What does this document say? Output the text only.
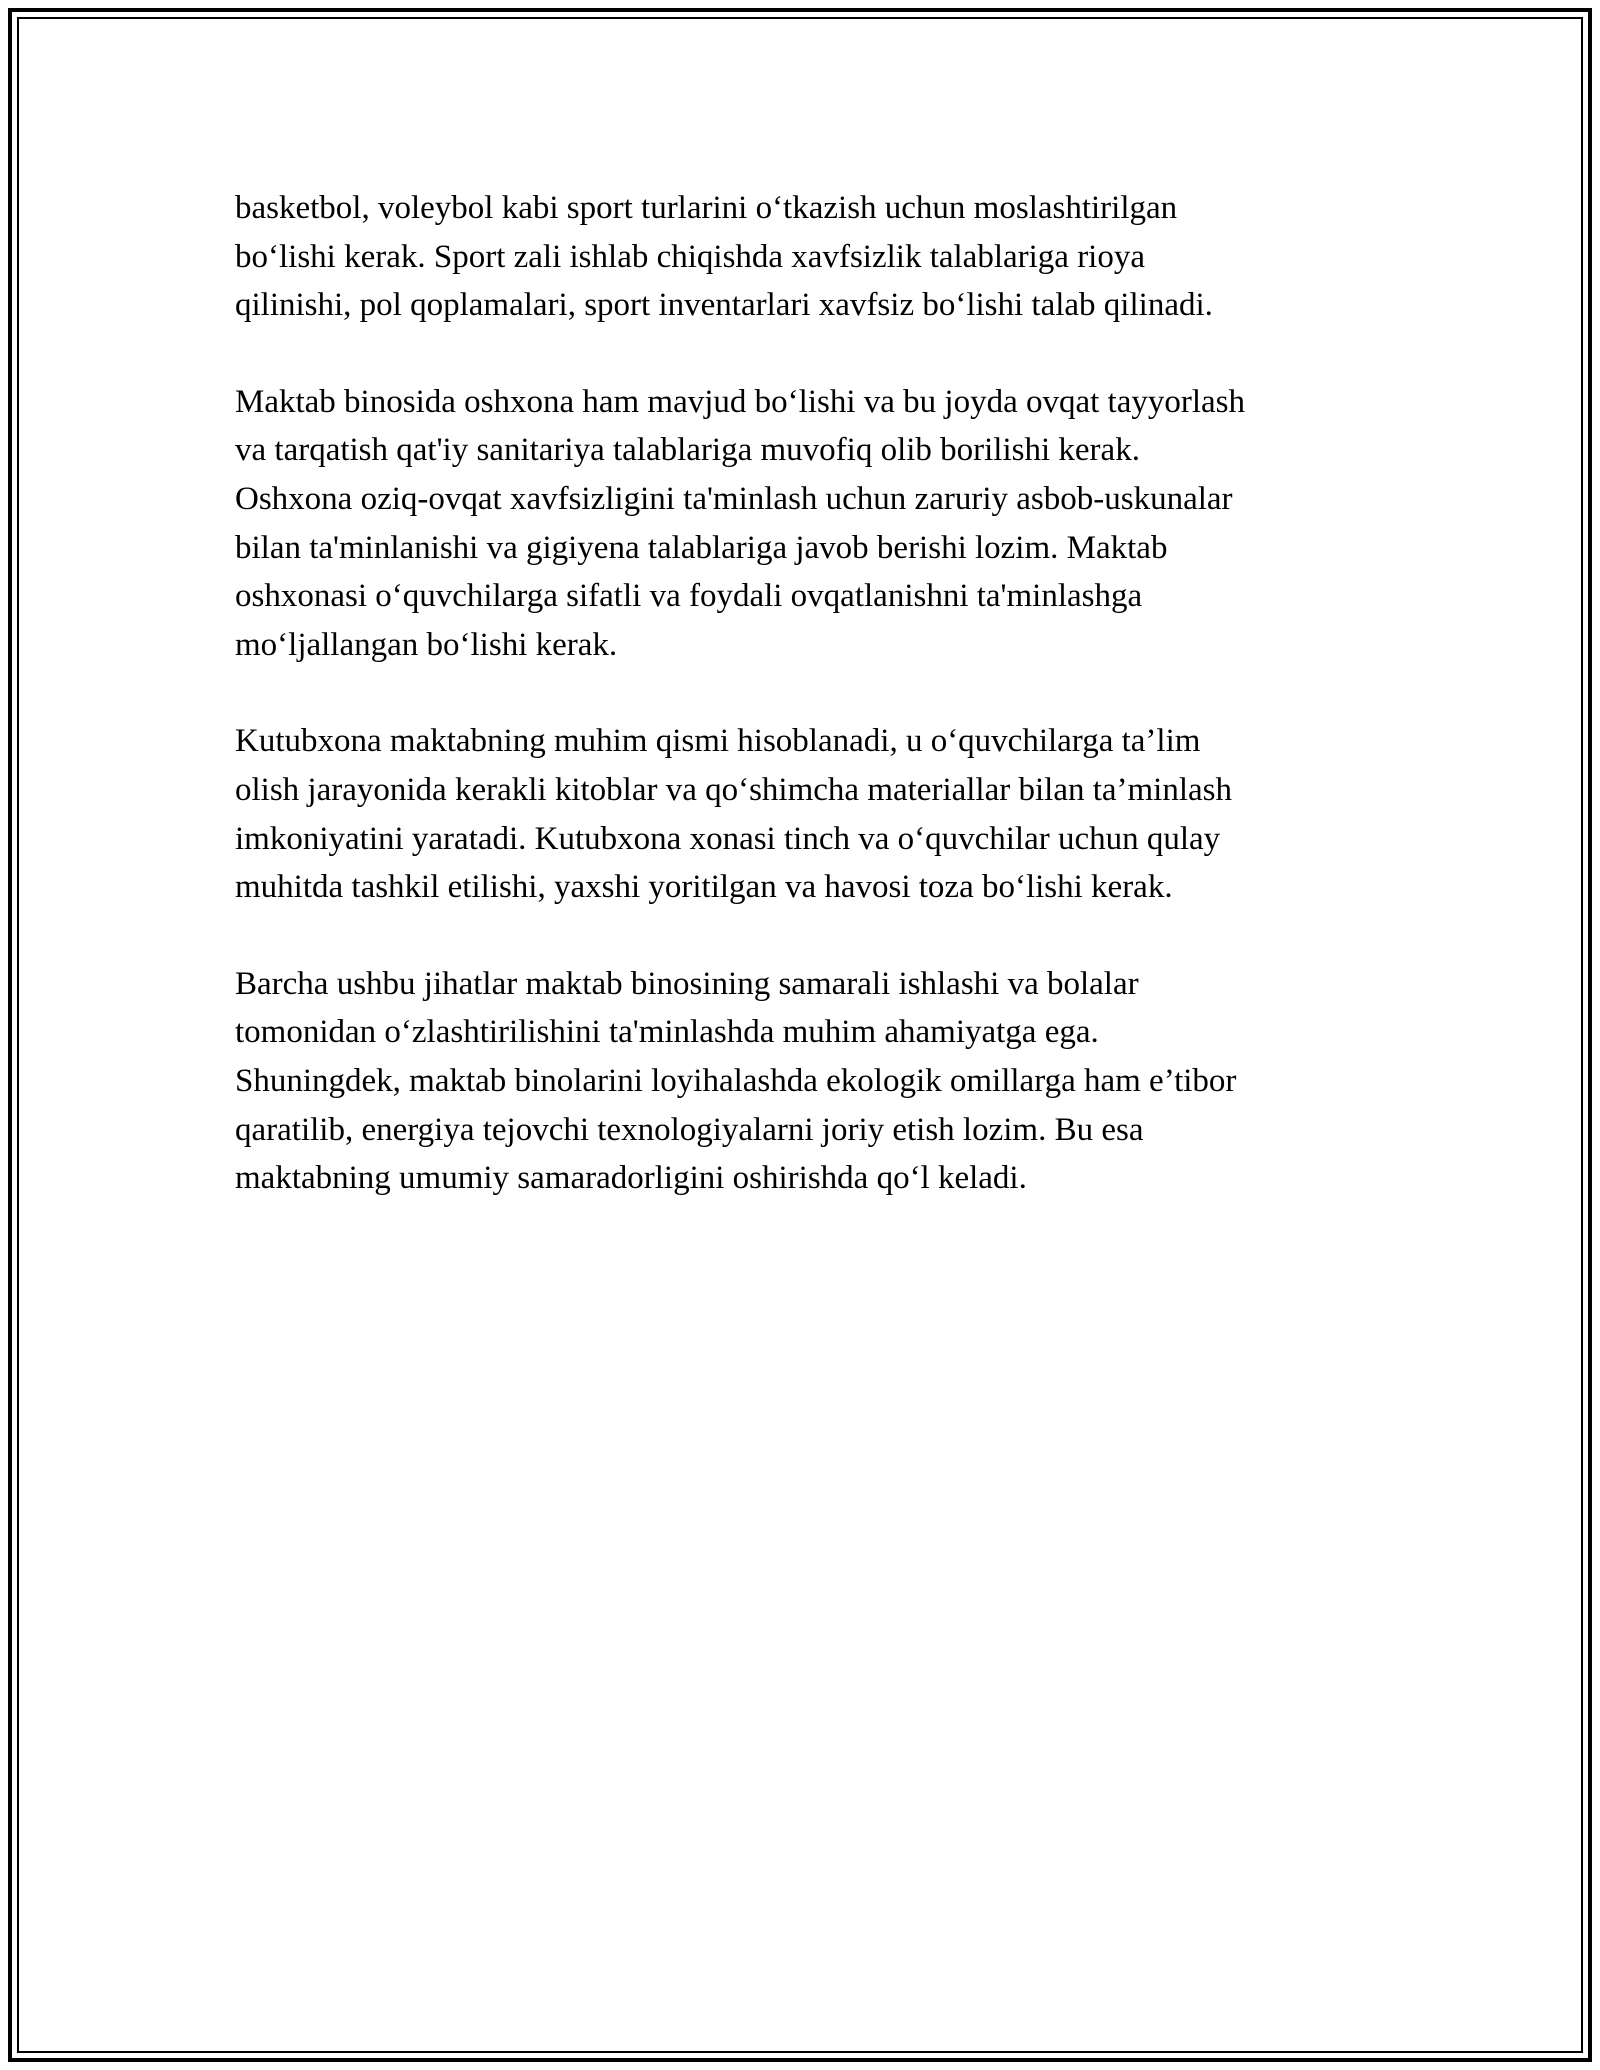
basketbol, voleybol kabi sport turlarini oʻtkazish uchun moslashtirilgan
boʻlishi kerak. Sport zali ishlab chiqishda xavfsizlik talablariga rioya
qilinishi, pol qoplamalari, sport inventarlari xavfsiz boʻlishi talab qilinadi.

Maktab binosida oshxona ham mavjud boʻlishi va bu joyda ovqat tayyorlash
va tarqatish qat'iy sanitariya talablariga muvofiq olib borilishi kerak.
Oshxona oziq-ovqat xavfsizligini ta'minlash uchun zaruriy asbob-uskunalar
bilan ta'minlanishi va gigiyena talablariga javob berishi lozim. Maktab
oshxonasi oʻquvchilarga sifatli va foydali ovqatlanishni ta'minlashga
moʻljallangan boʻlishi kerak.

Kutubxona maktabning muhim qismi hisoblanadi, u oʻquvchilarga ta’lim
olish jarayonida kerakli kitoblar va qoʻshimcha materiallar bilan ta’minlash
imkoniyatini yaratadi. Kutubxona xonasi tinch va oʻquvchilar uchun qulay
muhitda tashkil etilishi, yaxshi yoritilgan va havosi toza boʻlishi kerak.

Barcha ushbu jihatlar maktab binosining samarali ishlashi va bolalar
tomonidan oʻzlashtirilishini ta'minlashda muhim ahamiyatga ega.
Shuningdek, maktab binolarini loyihalashda ekologik omillarga ham e’tibor
qaratilib, energiya tejovchi texnologiyalarni joriy etish lozim. Bu esa
maktabning umumiy samaradorligini oshirishda qoʻl keladi.
